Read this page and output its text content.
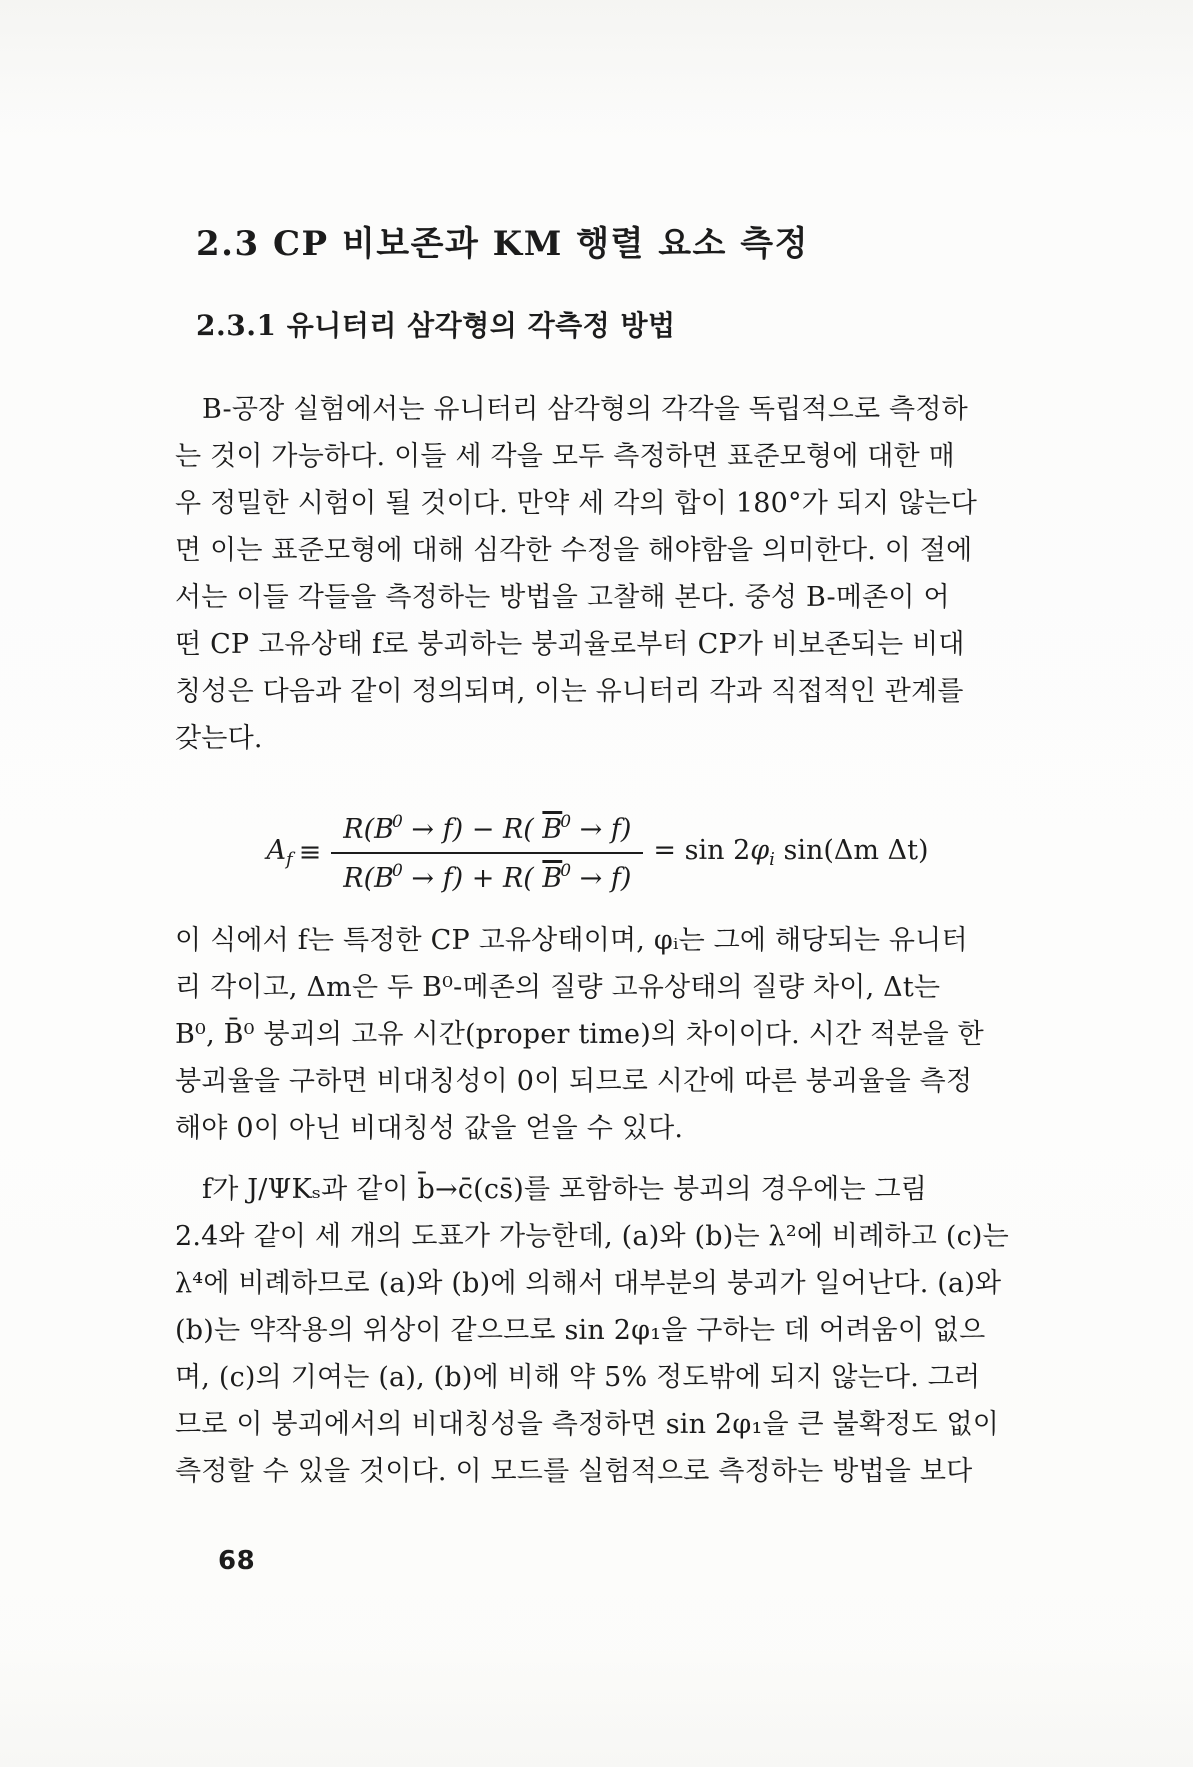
2.3 CP 비보존과 KM 행렬 요소 측정
2.3.1 유니터리 삼각형의 각측정 방법
B-공장 실험에서는 유니터리 삼각형의 각각을 독립적으로 측정하
는 것이 가능하다. 이들 세 각을 모두 측정하면 표준모형에 대한 매
우 정밀한 시험이 될 것이다. 만약 세 각의 합이 180°가 되지 않는다
면 이는 표준모형에 대해 심각한 수정을 해야함을 의미한다. 이 절에
서는 이들 각들을 측정하는 방법을 고찰해 본다. 중성 B-메존이 어
떤 CP 고유상태 f로 붕괴하는 붕괴율로부터 CP가 비보존되는 비대
칭성은 다음과 같이 정의되며, 이는 유니터리 각과 직접적인 관계를
갖는다.
$A_f \equiv \frac{R(B^0 \to f) - R( \overline{B}^0 \to f)}{R(B^0 \to f) + R( \overline{B}^0 \to f)} = \sin 2\varphi_i$ sin(Δm Δt)
이 식에서 f는 특정한 CP 고유상태이며, φᵢ는 그에 해당되는 유니터
리 각이고, Δm은 두 B⁰-메존의 질량 고유상태의 질량 차이, Δt는
B⁰, B̄⁰ 붕괴의 고유 시간(proper time)의 차이이다. 시간 적분을 한
붕괴율을 구하면 비대칭성이 0이 되므로 시간에 따른 붕괴율을 측정
해야 0이 아닌 비대칭성 값을 얻을 수 있다.
f가 J/ΨKₛ과 같이 b̄→c̄(cs̄)를 포함하는 붕괴의 경우에는 그림
2.4와 같이 세 개의 도표가 가능한데, (a)와 (b)는 λ²에 비례하고 (c)는
λ⁴에 비례하므로 (a)와 (b)에 의해서 대부분의 붕괴가 일어난다. (a)와
(b)는 약작용의 위상이 같으므로 sin 2φ₁을 구하는 데 어려움이 없으
며, (c)의 기여는 (a), (b)에 비해 약 5% 정도밖에 되지 않는다. 그러
므로 이 붕괴에서의 비대칭성을 측정하면 sin 2φ₁을 큰 불확정도 없이
측정할 수 있을 것이다. 이 모드를 실험적으로 측정하는 방법을 보다
68
